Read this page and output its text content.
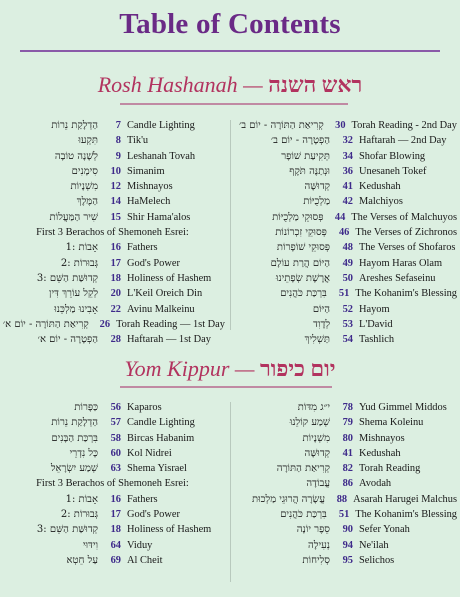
Table of Contents
Rosh Hashanah — ראש השנה
הַדְלָקַת נֵרוֹת	7 Candle Lighting
תִּקְעוּ	8 Tik'u
לְשָׁנָה טוֹבָה	9 Leshanah Tovah
סִימָנִים	10 Simanim
מִשְׁנָיוֹת	12 Mishnayos
הַמֶּלֶךְ	14 HaMelech
שִׁיר הַמַּעֲלוֹת	15 Shir Hama'alos
First 3 Berachos of Shemoneh Esrei:
אָבוֹת :1	16 Fathers
גְּבוּרוֹת :2	17 God's Power
קְדוּשַּׁת הַשֵּׁם :3	18 Holiness of Hashem
לְקֵל עוֹרֵךְ דִּין	20 L'Keil Oreich Din
אָבִינוּ מַלְכֵּנוּ	22 Avinu Malkeinu
קְרִיאַת הַתּוֹרָה - יוֹם א׳	26 Torah Reading — 1st Day
הַפְטָרָה - יוֹם א׳	28 Haftarah — 1st Day
קְרִיאַת הַתּוֹרָה - יוֹם ב׳	30 Torah Reading - 2nd Day
הַפְטָרָה - יוֹם ב׳	32 Haftarah — 2nd Day
תְּקִיעַת שׁוֹפָר	34 Shofar Blowing
וּנְתַנֶּה תֹּקֶף	36 Unesaneh Tokef
קְדוּשָּׁה	41 Kedushah
מַלְכֻיּוֹת	42 Malchiyos
פְּסוּקֵי מַלְכֻיּוֹת	44 The Verses of Malchuyos
פְּסוּקֵי זִכְרוֹנוֹת	46 The Verses of Zichronos
פְּסוּקֵי שׁוֹפָרוֹת	48 The Verses of Shofaros
הַיּוֹם הֲרַת עוֹלָם	49 Hayom Haras Olam
אֲרֶשֶׁת שְׂפָתֵינוּ	50 Areshes Sefaseinu
בִּרְכַּת כֹּהֲנִים	51 The Kohanim's Blessing
הַיּוֹם	52 Hayom
לְדָוִד	53 L'David
תַּשְׁלִיךְ	54 Tashlich
Yom Kippur — יום כיפור
כַּפָּרוֹת	56 Kaparos
הַדְלָקַת נֵרוֹת	57 Candle Lighting
בִּרְכַּת הַבָּנִים	58 Bircas Habanim
כָּל נִדְרֵי	60 Kol Nidrei
שְׁמַע יִשְׂרָאֵל	63 Shema Yisrael
First 3 Berachos of Shemoneh Esrei:
אָבוֹת :1	16 Fathers
גְּבוּרוֹת :2	17 God's Power
קְדוּשַּׁת הַשֵּׁם :3	18 Holiness of Hashem
וִידּוּי	64 Viduy
עַל חֵטְא	69 Al Cheit
י״ג מִדּוֹת	78 Yud Gimmel Middos
שְׁמַע קוֹלֵנוּ	79 Shema Koleinu
מִשְׁנָיוֹת	80 Mishnayos
קְדוּשָּׁה	41 Kedushah
קְרִיאַת הַתּוֹרָה	82 Torah Reading
עֲבוֹדָה	86 Avodah
עֲשָׂרָה הֲרוּגֵי מַלְכוּת	88 Asarah Harugei Malchus
בִּרְכַּת כֹּהֲנִים	51 The Kohanim's Blessing
סֵפֶר יוֹנָה	90 Sefer Yonah
נְעִילָה	94 Ne'ilah
סְלִיחוֹת	95 Selichos
